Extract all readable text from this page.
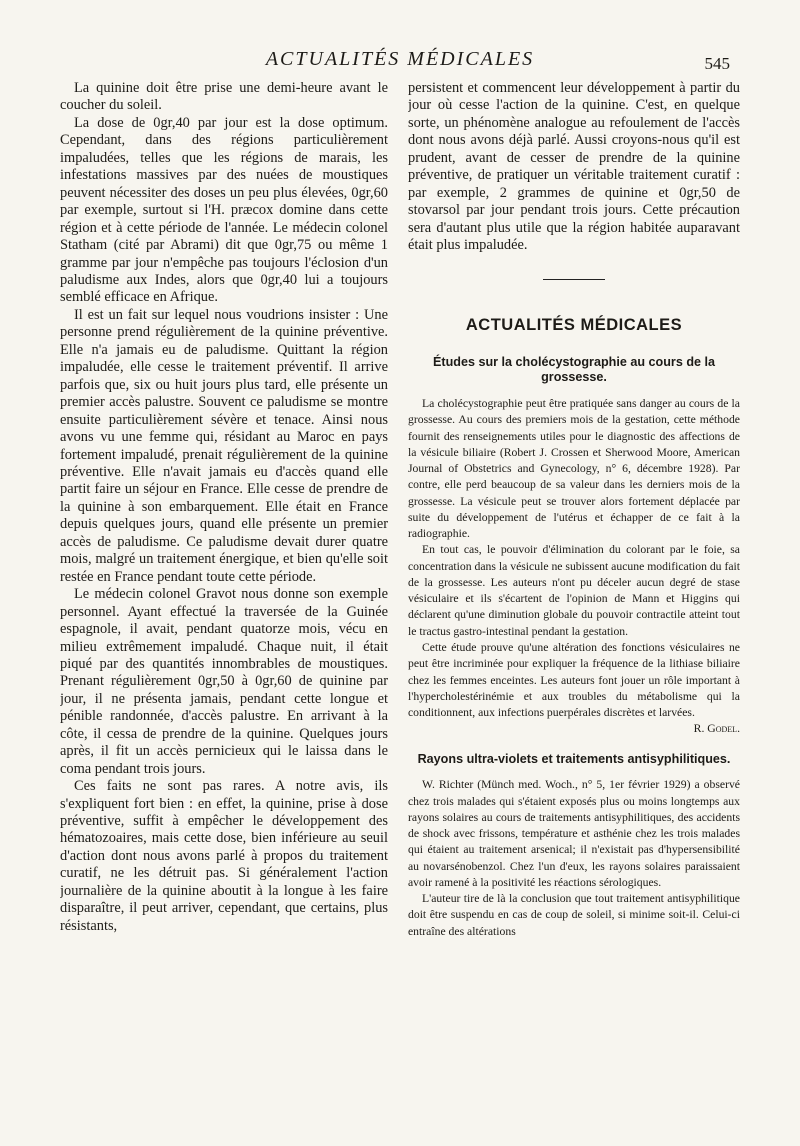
ACTUALITÉS MÉDICALES	545

La quinine doit être prise une demi-heure avant le coucher du soleil.

La dose de 0gr,40 par jour est la dose optimum. Cependant, dans des régions particulièrement impaludées, telles que les régions de marais, les infestations massives par des nuées de moustiques peuvent nécessiter des doses un peu plus élevées, 0gr,60 par exemple, surtout si l'H. præcox domine dans cette région et à cette période de l'année. Le médecin colonel Statham (cité par Abrami) dit que 0gr,75 ou même 1 gramme par jour n'empêche pas toujours l'éclosion d'un paludisme aux Indes, alors que 0gr,40 lui a toujours semblé efficace en Afrique.

Il est un fait sur lequel nous voudrions insister : Une personne prend régulièrement de la quinine préventive. Elle n'a jamais eu de paludisme. Quittant la région impaludée, elle cesse le traitement préventif. Il arrive parfois que, six ou huit jours plus tard, elle présente un premier accès palustre. Souvent ce paludisme se montre ensuite particulièrement sévère et tenace. Ainsi nous avons vu une femme qui, résidant au Maroc en pays fortement impaludé, prenait régulièrement de la quinine préventive. Elle n'avait jamais eu d'accès quand elle partit faire un séjour en France. Elle cesse de prendre de la quinine à son embarquement. Elle était en France depuis quelques jours, quand elle présente un premier accès de paludisme. Ce paludisme devait durer quatre mois, malgré un traitement énergique, et bien qu'elle soit restée en France pendant toute cette période.

Le médecin colonel Gravot nous donne son exemple personnel. Ayant effectué la traversée de la Guinée espagnole, il avait, pendant quatorze mois, vécu en milieu extrêmement impaludé. Chaque nuit, il était piqué par des quantités innombrables de moustiques. Prenant régulièrement 0gr,50 à 0gr,60 de quinine par jour, il ne présenta jamais, pendant cette longue et pénible randonnée, d'accès palustre. En arrivant à la côte, il cessa de prendre de la quinine. Quelques jours après, il fit un accès pernicieux qui le laissa dans le coma pendant trois jours.

Ces faits ne sont pas rares. A notre avis, ils s'expliquent fort bien : en effet, la quinine, prise à dose préventive, suffit à empêcher le développement des hématozoaires, mais cette dose, bien inférieure au seuil d'action dont nous avons parlé à propos du traitement curatif, ne les détruit pas. Si généralement l'action journalière de la quinine aboutit à la longue à les faire disparaître, il peut arriver, cependant, que certains, plus résistants,

persistent et commencent leur développement à partir du jour où cesse l'action de la quinine. C'est, en quelque sorte, un phénomène analogue au refoulement de l'accès dont nous avons déjà parlé. Aussi croyons-nous qu'il est prudent, avant de cesser de prendre de la quinine préventive, de pratiquer un véritable traitement curatif : par exemple, 2 grammes de quinine et 0gr,50 de stovarsol par jour pendant trois jours. Cette précaution sera d'autant plus utile que la région habitée auparavant était plus impaludée.

ACTUALITÉS MÉDICALES
Études sur la cholécystographie au cours de la grossesse.

La cholécystographie peut être pratiquée sans danger au cours de la grossesse. Au cours des premiers mois de la gestation, cette méthode fournit des renseignements utiles pour le diagnostic des affections de la vésicule biliaire (Robert J. Crossen et Sherwood Moore, American Journal of Obstetrics and Gynecology, n° 6, décembre 1928). Par contre, elle perd beaucoup de sa valeur dans les derniers mois de la grossesse. La vésicule peut se trouver alors fortement déplacée par suite du développement de l'utérus et échapper de ce fait à la radiographie.

En tout cas, le pouvoir d'élimination du colorant par le foie, sa concentration dans la vésicule ne subissent aucune modification du fait de la grossesse. Les auteurs n'ont pu déceler aucun degré de stase vésiculaire et ils s'écartent de l'opinion de Mann et Higgins qui déclarent qu'une diminution globale du pouvoir contractile atteint tout le tractus gastro-intestinal pendant la gestation.

Cette étude prouve qu'une altération des fonctions vésiculaires ne peut être incriminée pour expliquer la fréquence de la lithiase biliaire chez les femmes enceintes. Les auteurs font jouer un rôle important à l'hypercholestérinémie et aux troubles du métabolisme qui la conditionnent, aux infections puerpérales discrètes et larvées.

R. Godel.

Rayons ultra-violets et traitements antisyphilitiques.

W. Richter (Münch med. Woch., n° 5, 1er février 1929) a observé chez trois malades qui s'étaient exposés plus ou moins longtemps aux rayons solaires au cours de traitements antisyphilitiques, des accidents de shock avec frissons, température et asthénie chez les trois malades qui étaient au traitement arsenical; il n'existait pas d'hypersensibilité au novarsénobenzol. Chez l'un d'eux, les rayons solaires paraissaient avoir ramené à la positivité les réactions sérologiques.

L'auteur tire de là la conclusion que tout traitement antisyphilitique doit être suspendu en cas de coup de soleil, si minime soit-il. Celui-ci entraîne des altérations
